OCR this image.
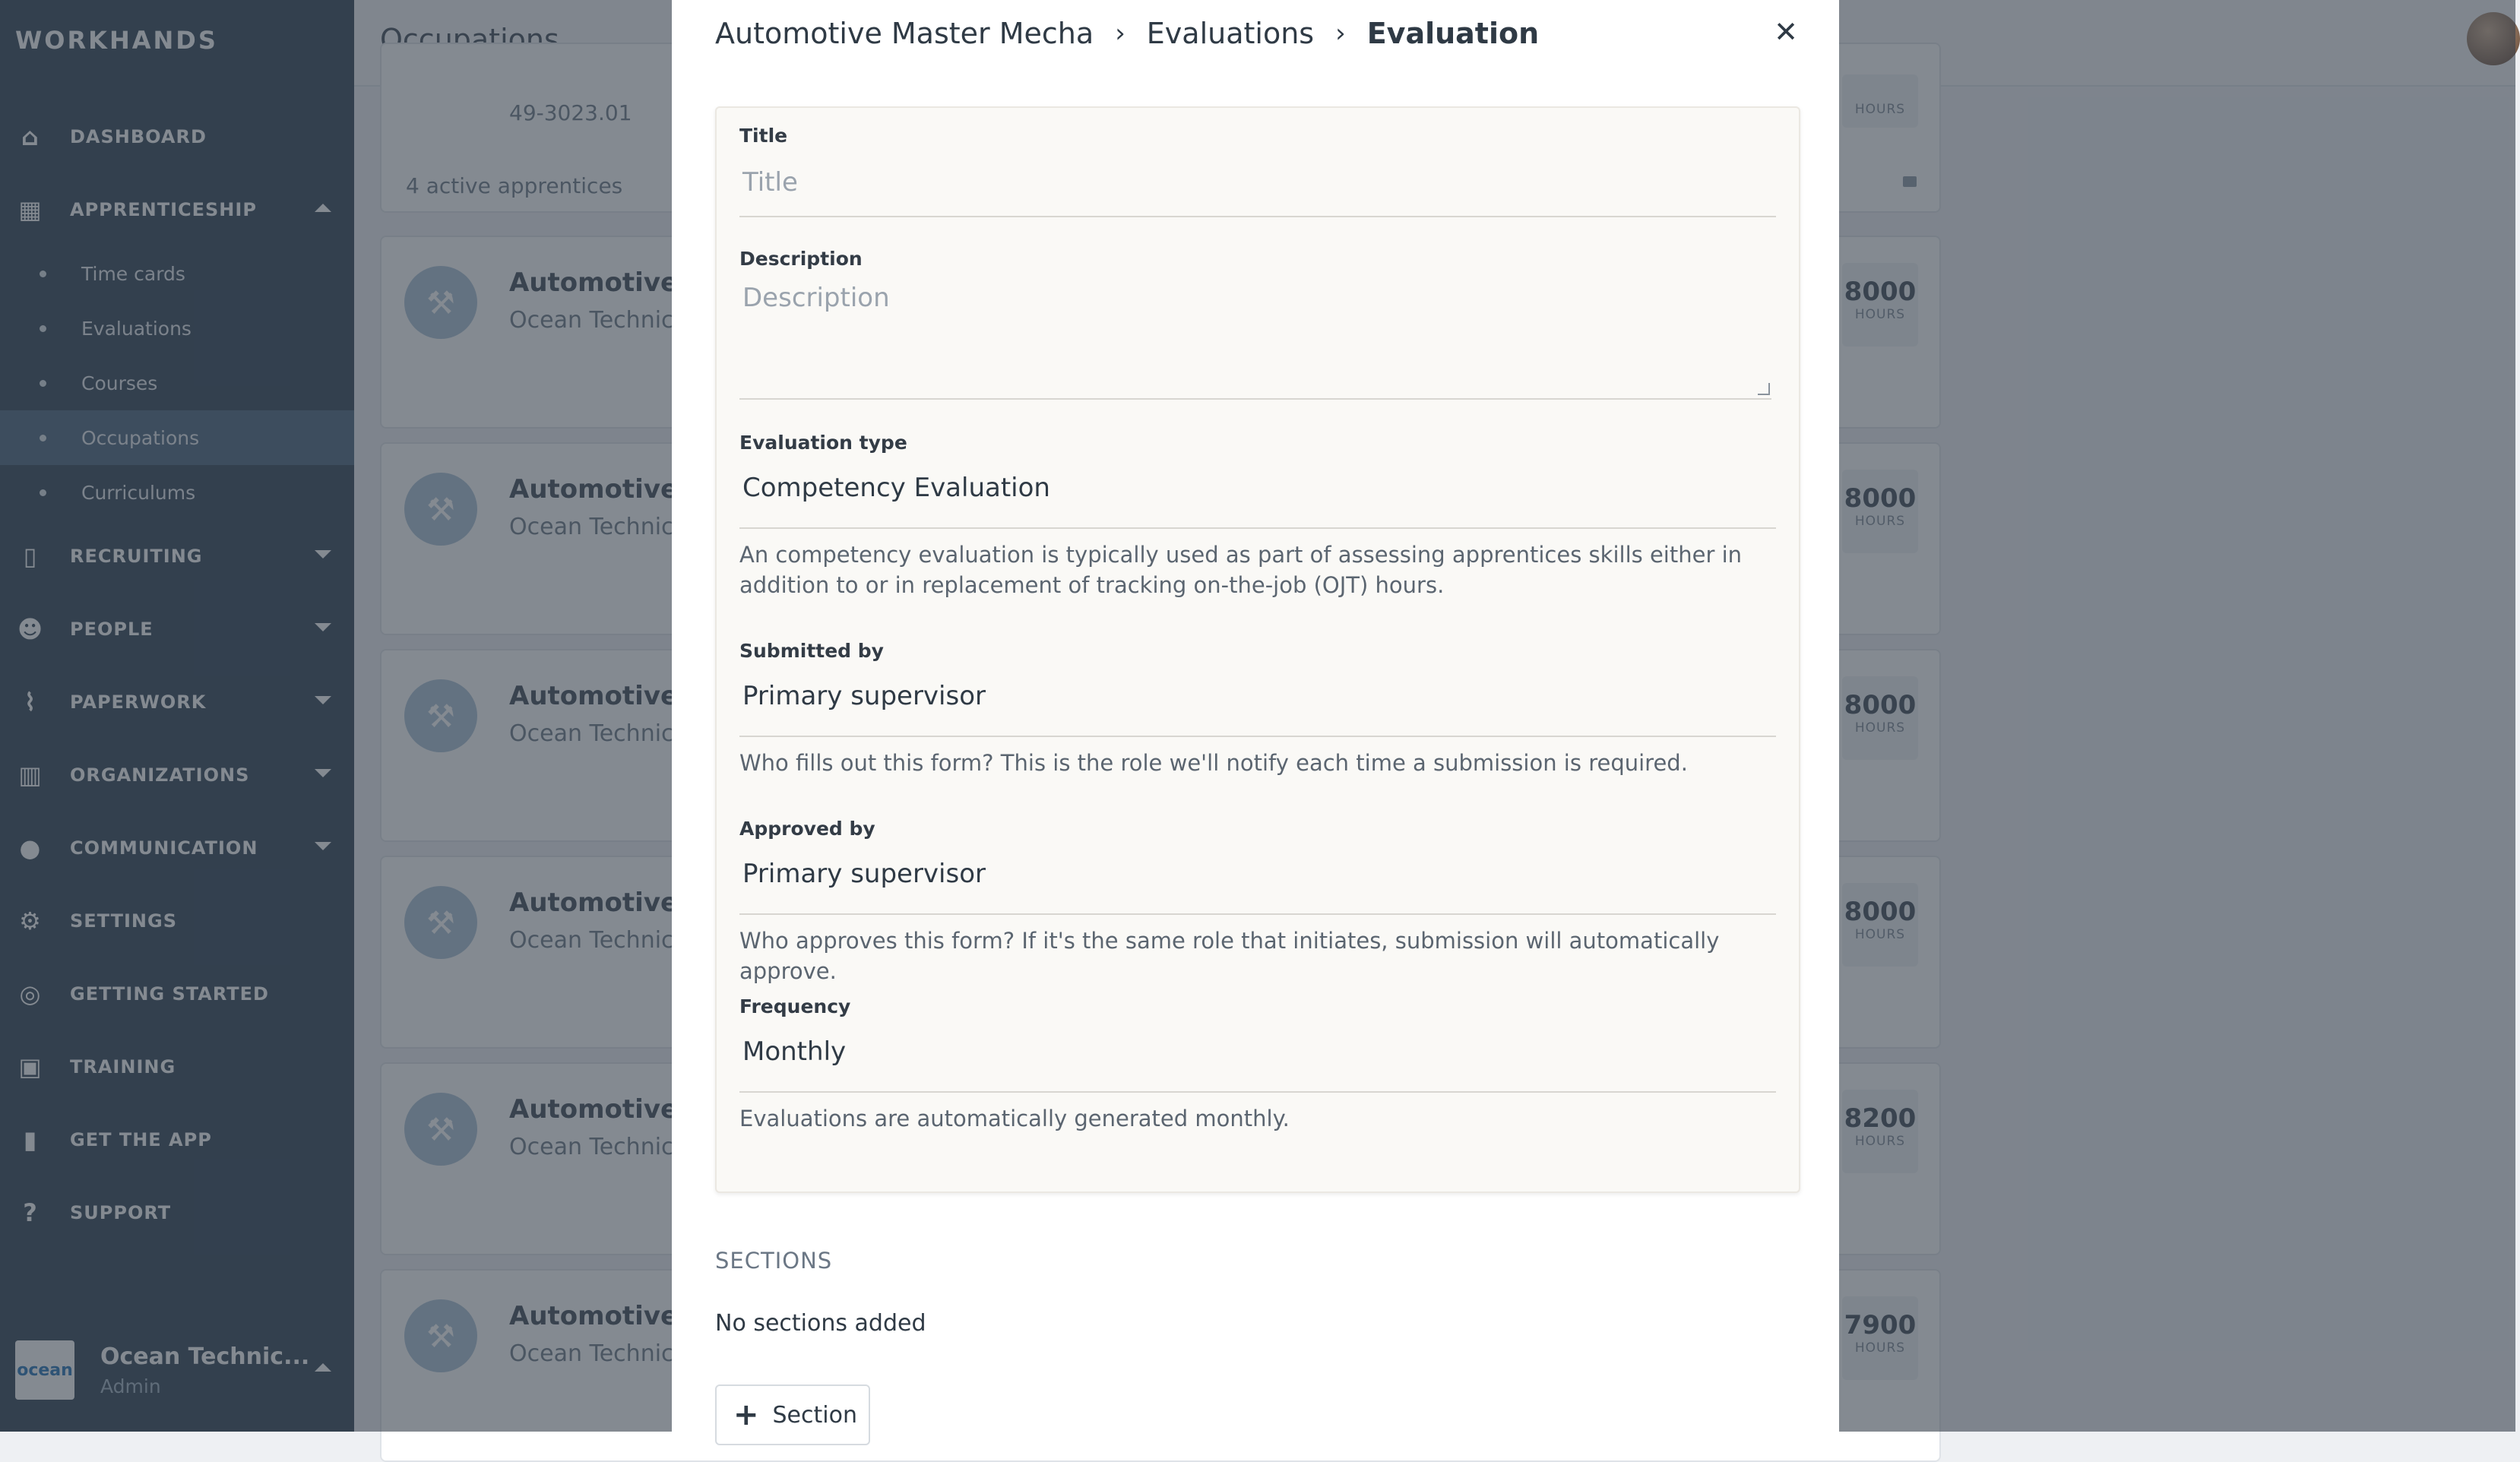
Automotive Master Mecha › Evaluations › Evaluation	✕
Title
Title
Description
Description
Evaluation type
Competency Evaluation
An competency evaluation is typically used as part of assessing apprentices skills either in addition to or in replacement of tracking on-the-job (OJT) hours.
Submitted by
Primary supervisor
Who fills out this form? This is the role we'll notify each time a submission is required.
Approved by
Primary supervisor
Who approves this form? If it's the same role that initiates, submission will automatically approve.
Frequency
Monthly
Evaluations are automatically generated monthly.
SECTIONS
No sections added
+ Section
